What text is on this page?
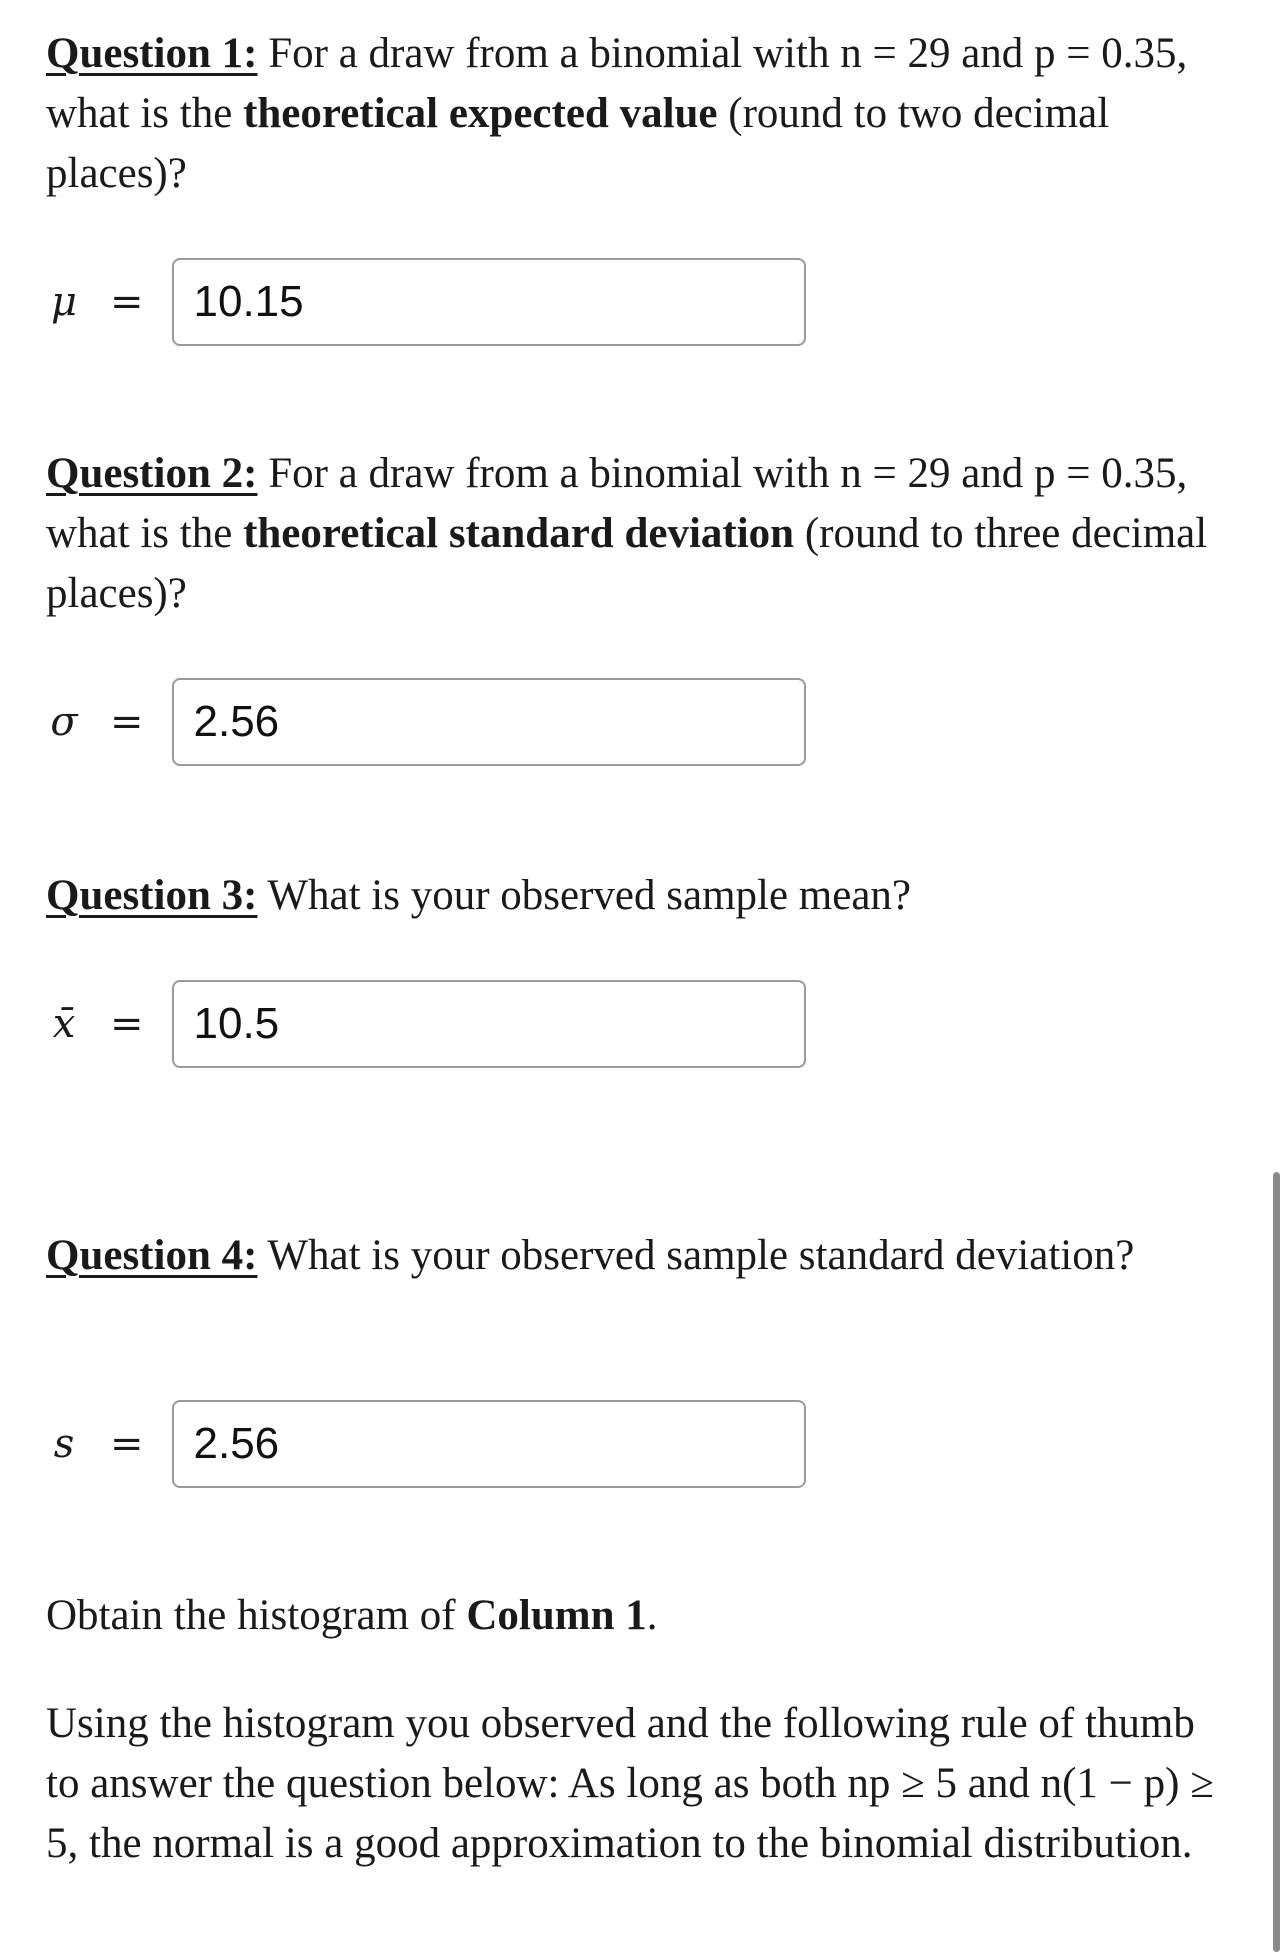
Question 1: For a draw from a binomial with n = 29 and p = 0.35, what is the theoretical expected value (round to two decimal places)?

μ =
10.15

Question 2: For a draw from a binomial with n = 29 and p = 0.35, what is the theoretical standard deviation (round to three decimal places)?

σ =
2.56

Question 3: What is your observed sample mean?

x̄ =
10.5

Question 4: What is your observed sample standard deviation?

s =
2.56

Obtain the histogram of Column 1.

Using the histogram you observed and the following rule of thumb to answer the question below: As long as both np ≥ 5 and n(1 − p) ≥ 5, the normal is a good approximation to the binomial distribution.
